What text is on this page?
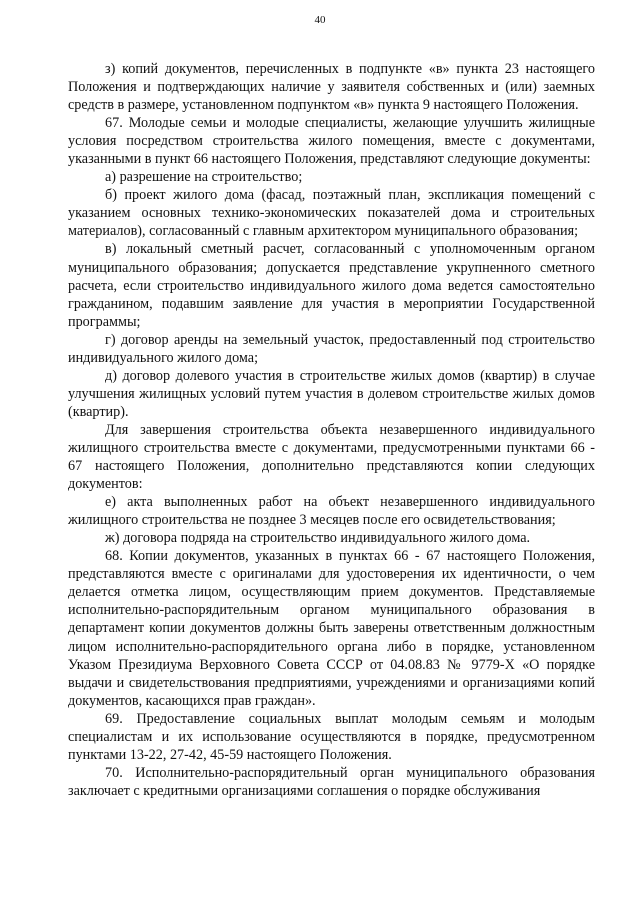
40

з) копий документов, перечисленных в подпункте «в» пункта 23 настоящего Положения и подтверждающих наличие у заявителя собственных и (или) заемных средств в размере, установленном подпунктом «в» пункта 9 настоящего Положения.

67. Молодые семьи и молодые специалисты, желающие улучшить жилищные условия посредством строительства жилого помещения, вместе с документами, указанными в пункт 66 настоящего Положения, представляют следующие документы:

а) разрешение на строительство;

б) проект жилого дома (фасад, поэтажный план, экспликация помещений с указанием основных технико-экономических показателей дома и строительных материалов), согласованный с главным архитектором муниципального образования;

в) локальный сметный расчет, согласованный с уполномоченным органом муниципального образования; допускается представление укрупненного сметного расчета, если строительство индивидуального жилого дома ведется самостоятельно гражданином, подавшим заявление для участия в мероприятии Государственной программы;

г) договор аренды на земельный участок, предоставленный под строительство индивидуального жилого дома;

д) договор долевого участия в строительстве жилых домов (квартир) в случае улучшения жилищных условий путем участия в долевом строительстве жилых домов (квартир).

Для завершения строительства объекта незавершенного индивидуального жилищного строительства вместе с документами, предусмотренными пунктами 66 - 67 настоящего Положения, дополнительно представляются копии следующих документов:

е) акта выполненных работ на объект незавершенного индивидуального жилищного строительства не позднее 3 месяцев после его освидетельствования;

ж) договора подряда на строительство индивидуального жилого дома.

68. Копии документов, указанных в пунктах 66 - 67 настоящего Положения, представляются вместе с оригиналами для удостоверения их идентичности, о чем делается отметка лицом, осуществляющим прием документов. Представляемые исполнительно-распорядительным органом муниципального образования в департамент копии документов должны быть заверены ответственным должностным лицом исполнительно-распорядительного органа либо в порядке, установленном Указом Президиума Верховного Совета СССР от 04.08.83 № 9779-X «О порядке выдачи и свидетельствования предприятиями, учреждениями и организациями копий документов, касающихся прав граждан».

69. Предоставление социальных выплат молодым семьям и молодым специалистам и их использование осуществляются в порядке, предусмотренном пунктами 13-22, 27-42, 45-59 настоящего Положения.

70. Исполнительно-распорядительный орган муниципального образования заключает с кредитными организациями соглашения о порядке обслуживания
